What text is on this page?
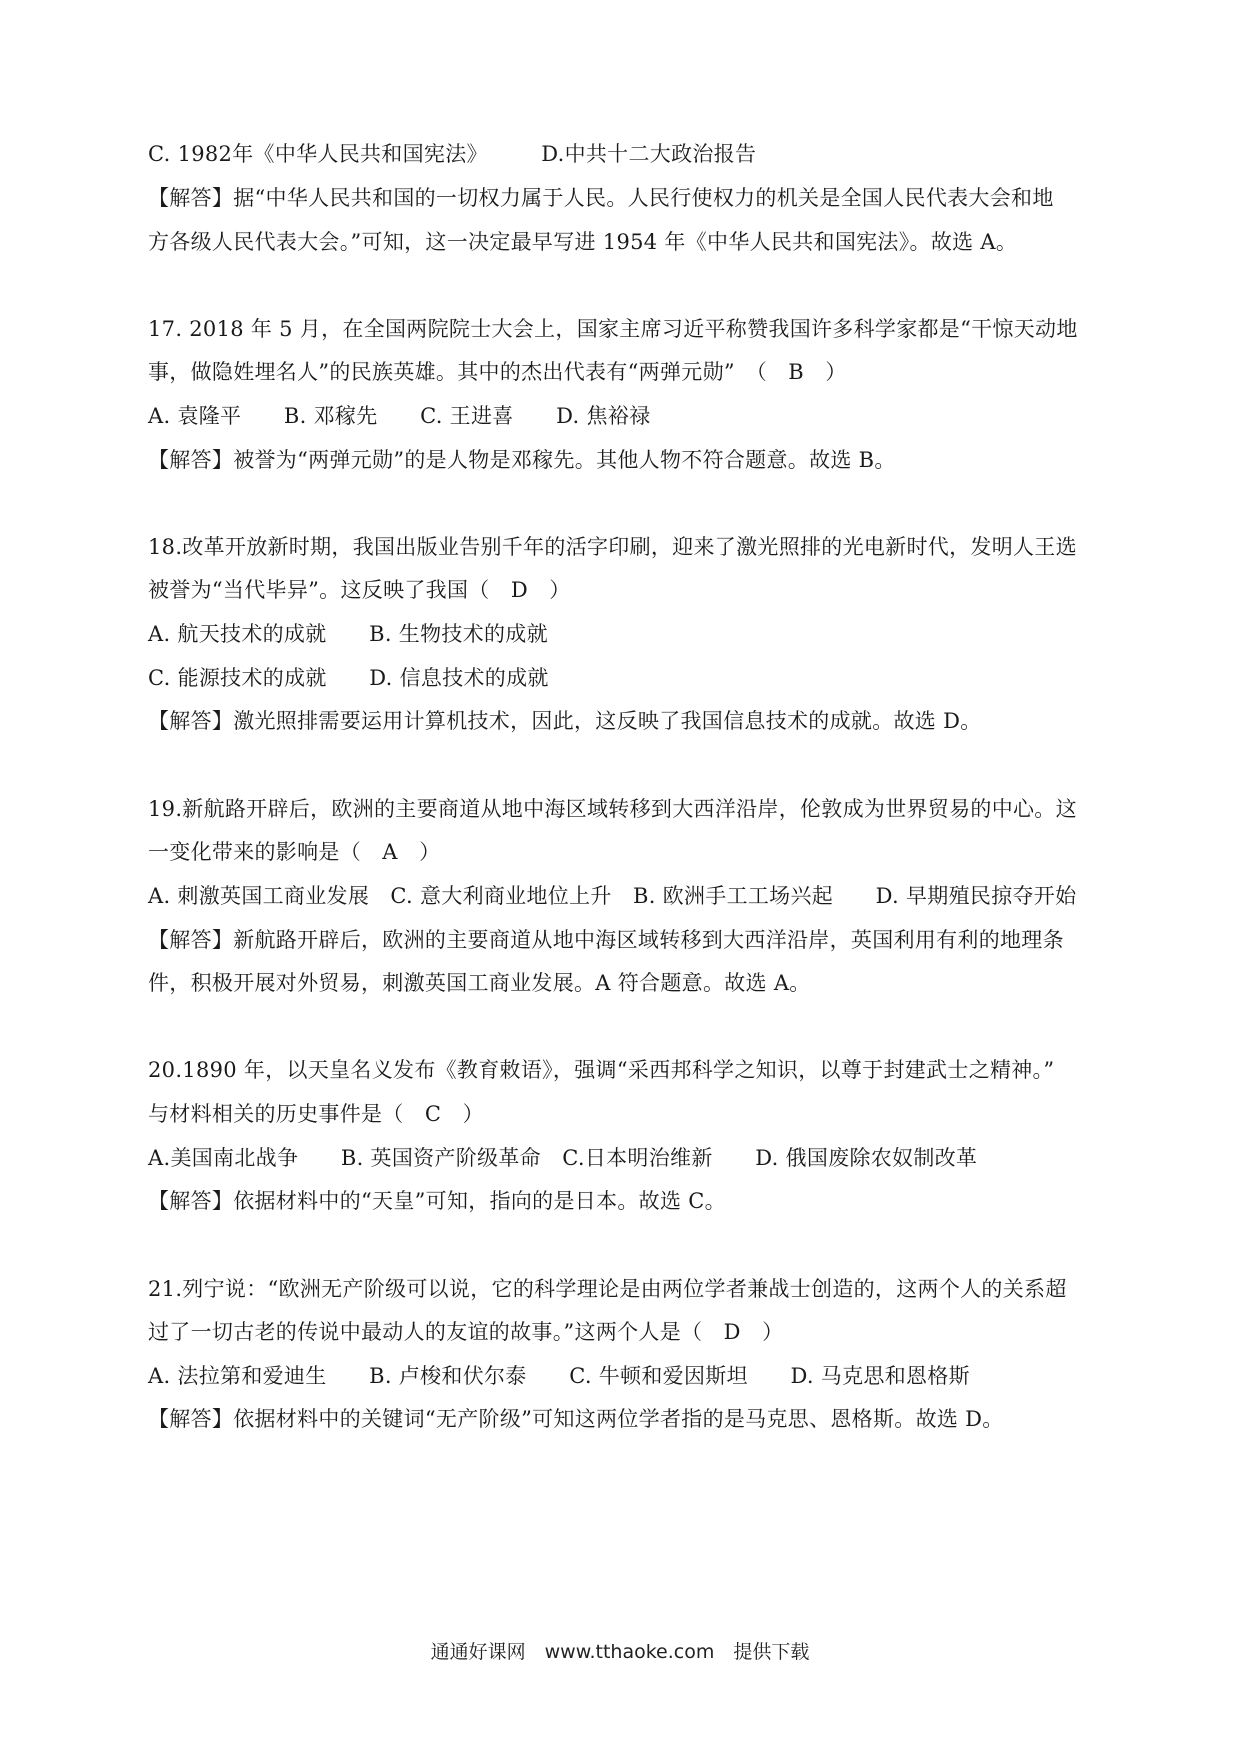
C. 1982年《中华人民共和国宪法》　　　D.中共十二大政治报告
【解答】据“中华人民共和国的一切权力属于人民。人民行使权力的机关是全国人民代表大会和地
方各级人民代表大会。”可知，这一决定最早写进 1954 年《中华人民共和国宪法》。故选 A。
17. 2018 年 5 月，在全国两院院士大会上，国家主席习近平称赞我国许多科学家都是“干惊天动地
事，做隐姓埋名人”的民族英雄。其中的杰出代表有“两弹元勋”　（　B　）
A. 袁隆平　　B. 邓稼先　　C. 王进喜　　D. 焦裕禄
【解答】被誉为“两弹元勋”的是人物是邓稼先。其他人物不符合题意。故选 B。
18.改革开放新时期，我国出版业告别千年的活字印刷，迎来了激光照排的光电新时代，发明人王选
被誉为“当代毕异”。这反映了我国（　D　）
A. 航天技术的成就　　B. 生物技术的成就
C. 能源技术的成就　　D. 信息技术的成就
【解答】激光照排需要运用计算机技术，因此，这反映了我国信息技术的成就。故选 D。
19.新航路开辟后，欧洲的主要商道从地中海区域转移到大西洋沿岸，伦敦成为世界贸易的中心。这
一变化带来的影响是（　A　）
A. 刺激英国工商业发展　C. 意大利商业地位上升　B. 欧洲手工工场兴起　　D. 早期殖民掠夺开始
【解答】新航路开辟后，欧洲的主要商道从地中海区域转移到大西洋沿岸，英国利用有利的地理条
件，积极开展对外贸易，刺激英国工商业发展。A 符合题意。故选 A。
20.1890 年，以天皇名义发布《教育敕语》，强调“采西邦科学之知识，以尊于封建武士之精神。”
与材料相关的历史事件是（　C　）
A.美国南北战争　　B. 英国资产阶级革命　C.日本明治维新　　D. 俄国废除农奴制改革
【解答】依据材料中的“天皇”可知，指向的是日本。故选 C。
21.列宁说：“欧洲无产阶级可以说，它的科学理论是由两位学者兼战士创造的，这两个人的关系超
过了一切古老的传说中最动人的友谊的故事。”这两个人是（　D　）
A. 法拉第和爱迪生　　B. 卢梭和伏尔泰　　C. 牛顿和爱因斯坦　　D. 马克思和恩格斯
【解答】依据材料中的关键词“无产阶级”可知这两位学者指的是马克思、恩格斯。故选 D。
通通好课网　www.tthaoke.com　提供下载
